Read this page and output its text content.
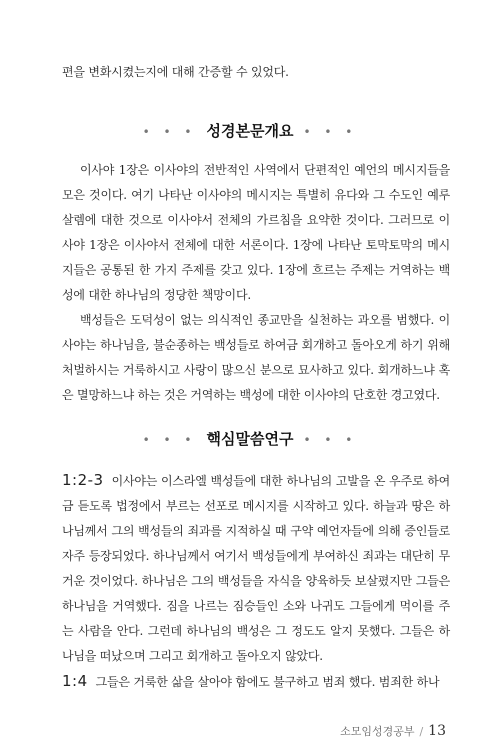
편을 변화시켰는지에 대해 간증할 수 있었다.

• • • 성경본문개요 • • •

이사야 1장은 이사야의 전반적인 사역에서 단편적인 예언의 메시지들을 모은 것이다. 여기 나타난 이사야의 메시지는 특별히 유다와 그 수도인 예루살렘에 대한 것으로 이사야서 전체의 가르침을 요약한 것이다. 그러므로 이사야 1장은 이사야서 전체에 대한 서론이다. 1장에 나타난 토막토막의 메시지들은 공통된 한 가지 주제를 갖고 있다. 1장에 흐르는 주제는 거역하는 백성에 대한 하나님의 정당한 책망이다.

백성들은 도덕성이 없는 의식적인 종교만을 실천하는 과오를 범했다. 이사야는 하나님을, 불순종하는 백성들로 하여금 회개하고 돌아오게 하기 위해 처벌하시는 거룩하시고 사랑이 많으신 분으로 묘사하고 있다. 회개하느냐 혹은 멸망하느냐 하는 것은 거역하는 백성에 대한 이사야의 단호한 경고였다.

• • • 핵심말씀연구 • • •
1:2-3 이사야는 이스라엘 백성들에 대한 하나님의 고발을 온 우주로 하여금 듣도록 법정에서 부르는 선포로 메시지를 시작하고 있다. 하늘과 땅은 하나님께서 그의 백성들의 죄과를 지적하실 때 구약 예언자들에 의해 증인들로 자주 등장되었다. 하나님께서 여기서 백성들에게 부여하신 죄과는 대단히 무거운 것이었다. 하나님은 그의 백성들을 자식을 양육하듯 보살폈지만 그들은 하나님을 거역했다. 짐을 나르는 짐승들인 소와 나귀도 그들에게 먹이를 주는 사람을 안다. 그런데 하나님의 백성은 그 정도도 알지 못했다. 그들은 하나님을 떠났으며 그리고 회개하고 돌아오지 않았다.
1:4 그들은 거룩한 삶을 살아야 함에도 불구하고 범죄 했다. 범죄한 하나
소모임성경공부 / 13
